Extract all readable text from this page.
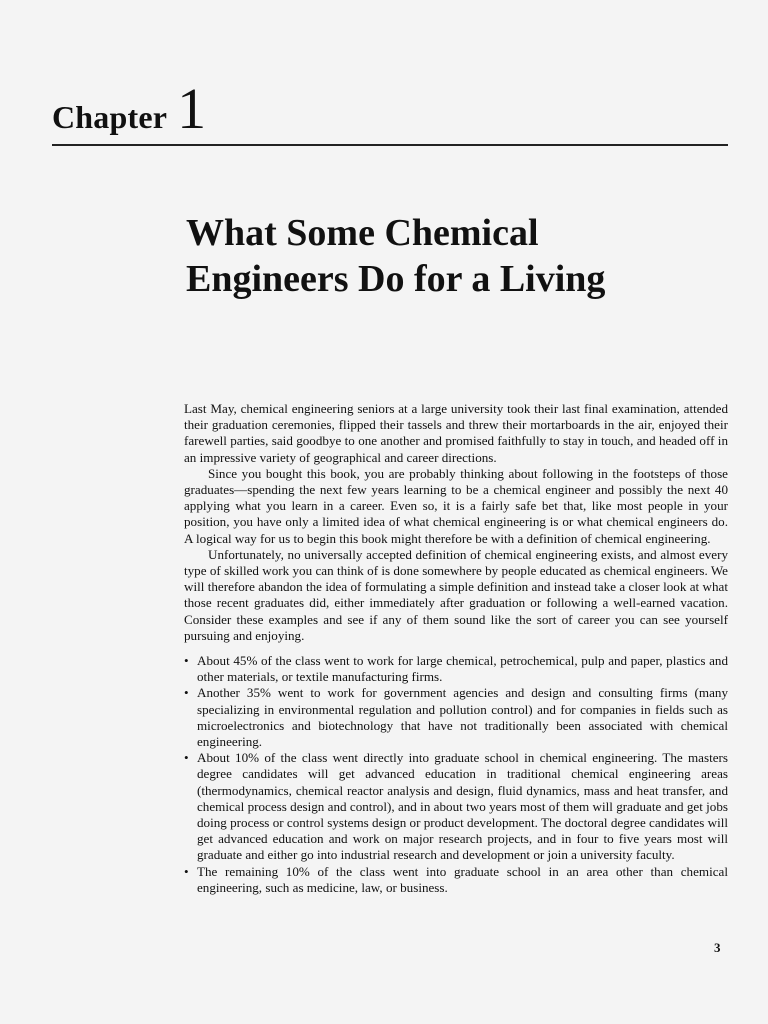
Chapter 1
What Some Chemical
Engineers Do for a Living

Last May, chemical engineering seniors at a large university took their last final examination, attended their graduation ceremonies, flipped their tassels and threw their mortarboards in the air, enjoyed their farewell parties, said goodbye to one another and promised faithfully to stay in touch, and headed off in an impressive variety of geographical and career directions.

Since you bought this book, you are probably thinking about following in the footsteps of those graduates—spending the next few years learning to be a chemical engineer and possibly the next 40 applying what you learn in a career. Even so, it is a fairly safe bet that, like most people in your position, you have only a limited idea of what chemical engineering is or what chemical engineers do. A logical way for us to begin this book might therefore be with a definition of chemical engineering.

Unfortunately, no universally accepted definition of chemical engineering exists, and almost every type of skilled work you can think of is done somewhere by people educated as chemical engineers. We will therefore abandon the idea of formulating a simple definition and instead take a closer look at what those recent graduates did, either immediately after graduation or following a well-earned vacation. Consider these examples and see if any of them sound like the sort of career you can see yourself pursuing and enjoying.

• About 45% of the class went to work for large chemical, petrochemical, pulp and paper, plastics and other materials, or textile manufacturing firms.
• Another 35% went to work for government agencies and design and consulting firms (many specializing in environmental regulation and pollution control) and for companies in fields such as microelectronics and biotechnology that have not traditionally been associated with chemical engineering.
• About 10% of the class went directly into graduate school in chemical engineering. The masters degree candidates will get advanced education in traditional chemical engineering areas (thermodynamics, chemical reactor analysis and design, fluid dynamics, mass and heat transfer, and chemical process design and control), and in about two years most of them will graduate and get jobs doing process or control systems design or product development. The doctoral degree candidates will get advanced education and work on major research projects, and in four to five years most will graduate and either go into industrial research and development or join a university faculty.
• The remaining 10% of the class went into graduate school in an area other than chemical engineering, such as medicine, law, or business.
3
